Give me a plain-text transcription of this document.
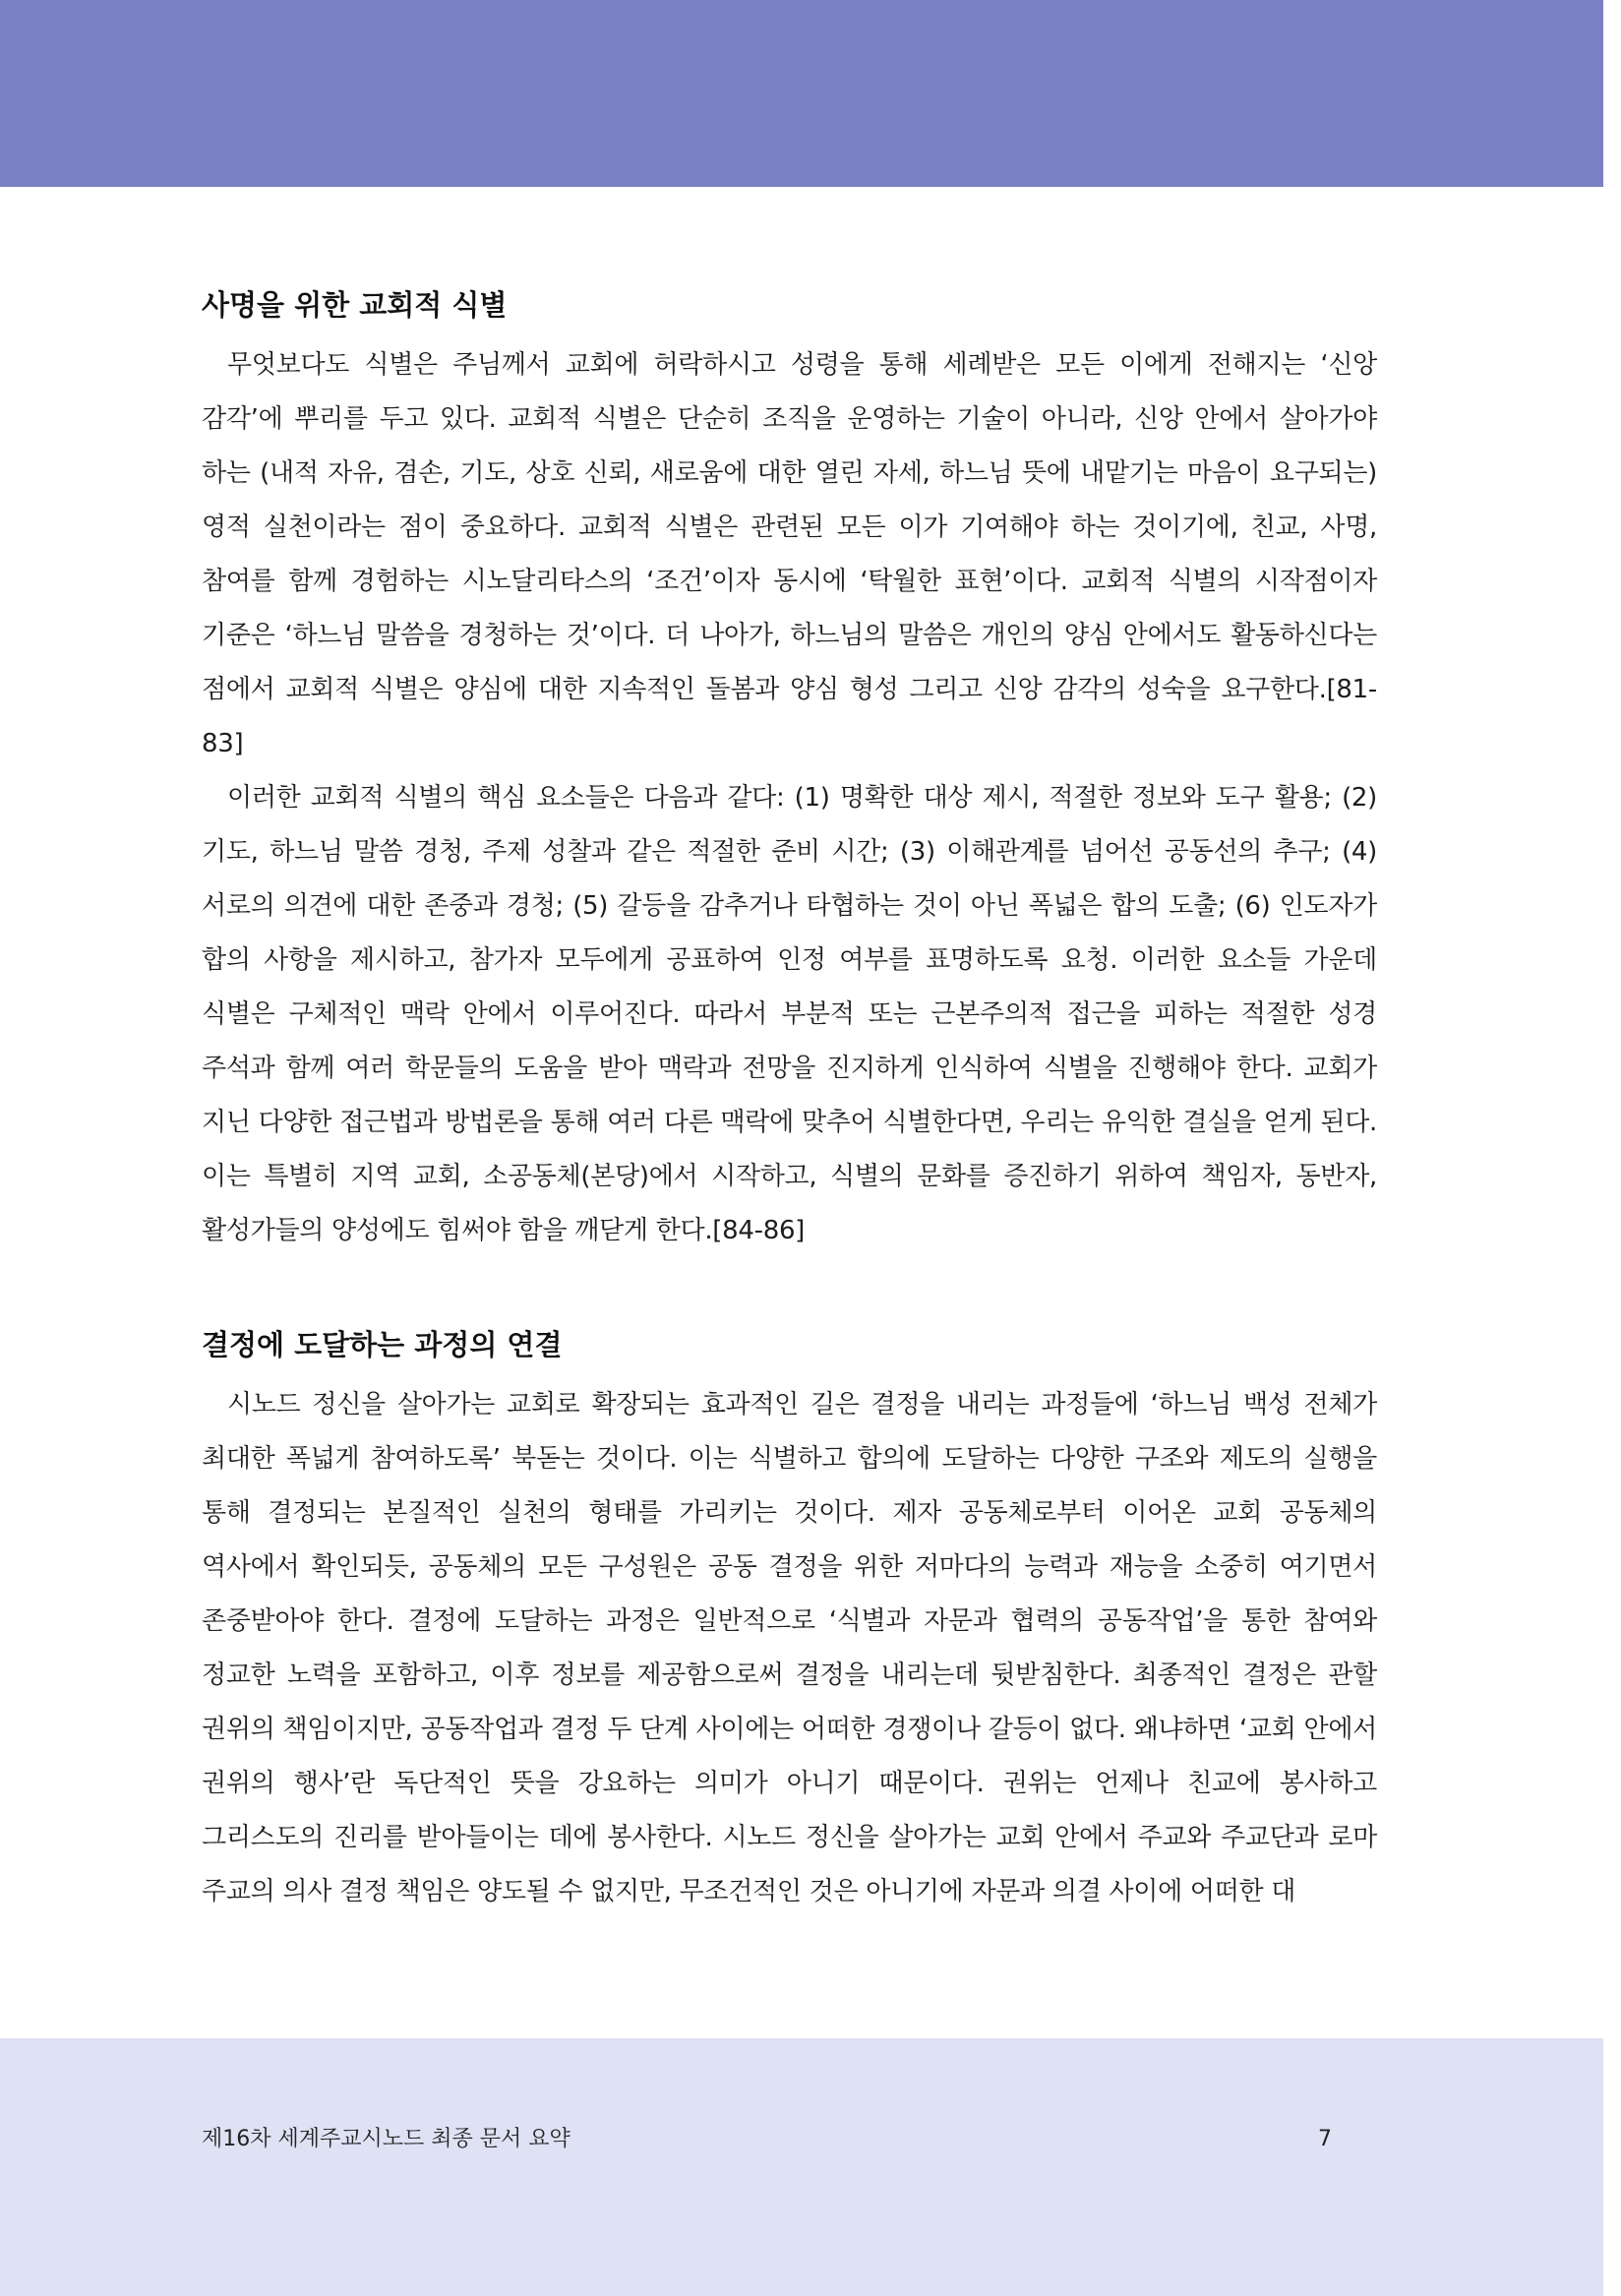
사명을 위한 교회적 식별

무엇보다도 식별은 주님께서 교회에 허락하시고 성령을 통해 세례받은 모든 이에게 전해지는 ‘신앙 감각’에 뿌리를 두고 있다. 교회적 식별은 단순히 조직을 운영하는 기술이 아니라, 신앙 안에서 살아가야 하는 (내적 자유, 겸손, 기도, 상호 신뢰, 새로움에 대한 열린 자세, 하느님 뜻에 내맡기는 마음이 요구되는) 영적 실천이라는 점이 중요하다. 교회적 식별은 관련된 모든 이가 기여해야 하는 것이기에, 친교, 사명, 참여를 함께 경험하는 시노달리타스의 ‘조건’이자 동시에 ‘탁월한 표현’이다. 교회적 식별의 시작점이자 기준은 ‘하느님 말씀을 경청하는 것’이다. 더 나아가, 하느님의 말씀은 개인의 양심 안에서도 활동하신다는 점에서 교회적 식별은 양심에 대한 지속적인 돌봄과 양심 형성 그리고 신앙 감각의 성숙을 요구한다.[81-83]

이러한 교회적 식별의 핵심 요소들은 다음과 같다: (1) 명확한 대상 제시, 적절한 정보와 도구 활용; (2) 기도, 하느님 말씀 경청, 주제 성찰과 같은 적절한 준비 시간; (3) 이해관계를 넘어선 공동선의 추구; (4) 서로의 의견에 대한 존중과 경청; (5) 갈등을 감추거나 타협하는 것이 아닌 폭넓은 합의 도출; (6) 인도자가 합의 사항을 제시하고, 참가자 모두에게 공표하여 인정 여부를 표명하도록 요청. 이러한 요소들 가운데 식별은 구체적인 맥락 안에서 이루어진다. 따라서 부분적 또는 근본주의적 접근을 피하는 적절한 성경 주석과 함께 여러 학문들의 도움을 받아 맥락과 전망을 진지하게 인식하여 식별을 진행해야 한다. 교회가 지닌 다양한 접근법과 방법론을 통해 여러 다른 맥락에 맞추어 식별한다면, 우리는 유익한 결실을 얻게 된다. 이는 특별히 지역 교회, 소공동체(본당)에서 시작하고, 식별의 문화를 증진하기 위하여 책임자, 동반자, 활성가들의 양성에도 힘써야 함을 깨닫게 한다.[84-86]

결정에 도달하는 과정의 연결

시노드 정신을 살아가는 교회로 확장되는 효과적인 길은 결정을 내리는 과정들에 ‘하느님 백성 전체가 최대한 폭넓게 참여하도록’ 북돋는 것이다. 이는 식별하고 합의에 도달하는 다양한 구조와 제도의 실행을 통해 결정되는 본질적인 실천의 형태를 가리키는 것이다. 제자 공동체로부터 이어온 교회 공동체의 역사에서 확인되듯, 공동체의 모든 구성원은 공동 결정을 위한 저마다의 능력과 재능을 소중히 여기면서 존중받아야 한다. 결정에 도달하는 과정은 일반적으로 ‘식별과 자문과 협력의 공동작업’을 통한 참여와 정교한 노력을 포함하고, 이후 정보를 제공함으로써 결정을 내리는데 뒷받침한다. 최종적인 결정은 관할 권위의 책임이지만, 공동작업과 결정 두 단계 사이에는 어떠한 경쟁이나 갈등이 없다. 왜냐하면 ‘교회 안에서 권위의 행사’란 독단적인 뜻을 강요하는 의미가 아니기 때문이다. 권위는 언제나 친교에 봉사하고 그리스도의 진리를 받아들이는 데에 봉사한다. 시노드 정신을 살아가는 교회 안에서 주교와 주교단과 로마 주교의 의사 결정 책임은 양도될 수 없지만, 무조건적인 것은 아니기에 자문과 의결 사이에 어떠한 대

제16차 세계주교시노드 최종 문서 요약	7
